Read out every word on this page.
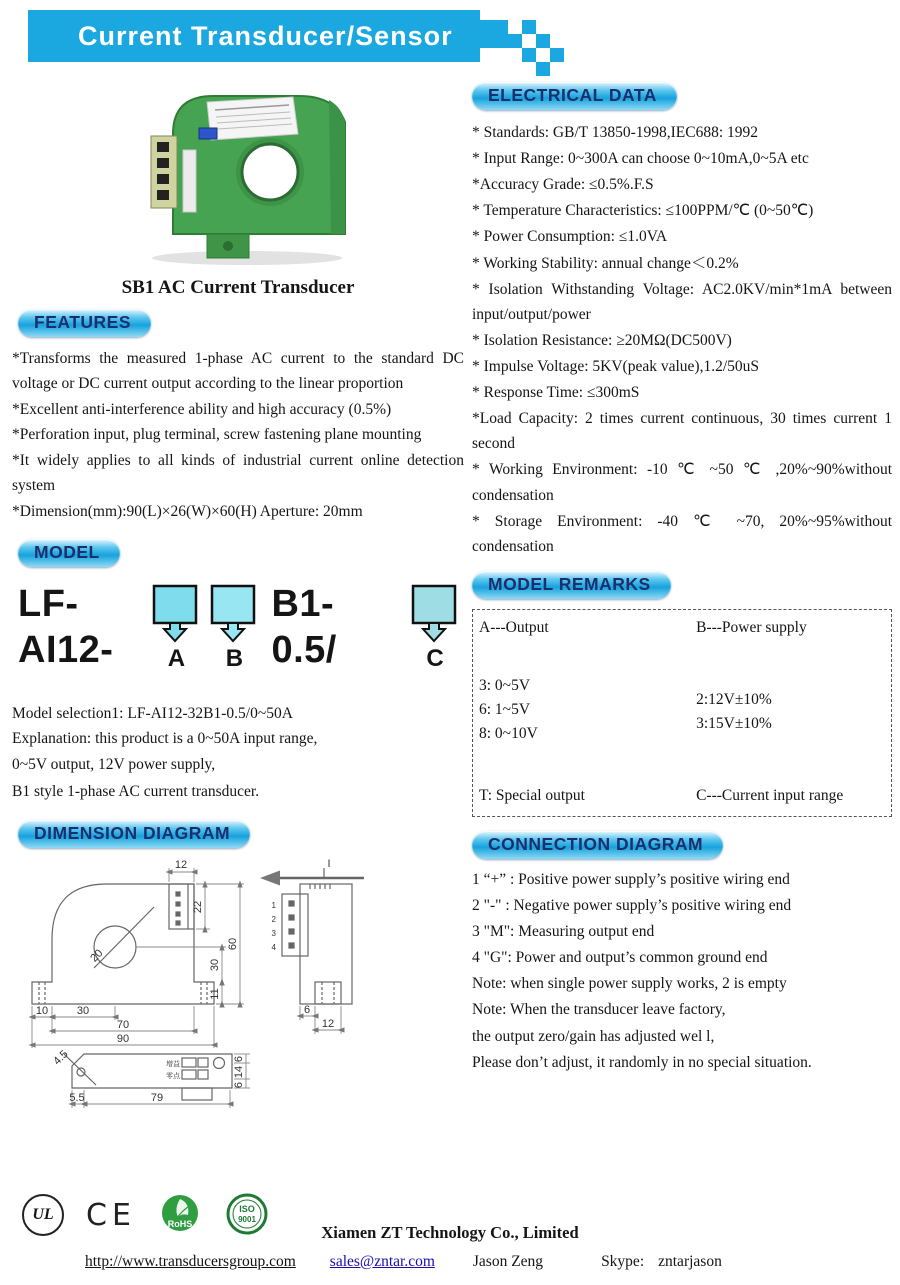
Current Transducer/Sensor
SB1 AC Current Transducer
FEATURES
*Transforms the measured 1-phase AC current to the standard DC voltage or DC current output according to the linear proportion
*Excellent anti-interference ability and high accuracy (0.5%)
*Perforation input, plug terminal, screw fastening plane mounting
*It widely applies to all kinds of industrial current online detection system
*Dimension(mm):90(L)×26(W)×60(H) Aperture: 20mm
MODEL
LF-AI12-	A B
B1-0.5/	C
Model selection1: LF-AI12-32B1-0.5/0~50A
Explanation: this product is a 0~50A input range,
0~5V output, 12V power supply,
B1 style 1-phase AC current transducer.
DIMENSION DIAGRAM
12
22
60
30
11
20
10	30
70
90
I
6
12
4.5
5.5	79
6
14
6
1
2
3
4
增益
零点
ELECTRICAL DATA
* Standards: GB/T 13850-1998,IEC688: 1992
* Input Range: 0~300A can choose 0~10mA,0~5A etc
*Accuracy Grade: ≤0.5%.F.S
* Temperature Characteristics: ≤100PPM/℃ (0~50℃)
* Power Consumption: ≤1.0VA
* Working Stability: annual change＜0.2%
* Isolation Withstanding Voltage: AC2.0KV/min*1mA between input/output/power
* Isolation Resistance: ≥20MΩ(DC500V)
* Impulse Voltage: 5KV(peak value),1.2/50uS
* Response Time: ≤300mS
*Load Capacity: 2 times current continuous, 30 times current 1 second
* Working Environment: -10 ℃ ~50 ℃ ,20%~90%without condensation
* Storage Environment: -40 ℃ ~70, 20%~95%without condensation
MODEL REMARKS
A---Output	B---Power supply
3: 0~5V
6: 1~5V
8: 0~10V
2:12V±10%
3:15V±10%
T: Special output	C---Current input range
CONNECTION DIAGRAM
1 “+” : Positive power supply’s positive wiring end
2 "-" : Negative power supply’s positive wiring end
3 "M": Measuring output end
4 "G": Power and output’s common ground end
Note: when single power supply works, 2 is empty
Note: When the transducer leave factory,
the output zero/gain has adjusted wel l,
Please don’t adjust, it randomly in no special situation.
UL CE	RoHS
ISO
9001
Xiamen ZT Technology Co., Limited
http://www.transducersgroup.com sales@zntar.com Jason Zeng	Skype: zntarjason
